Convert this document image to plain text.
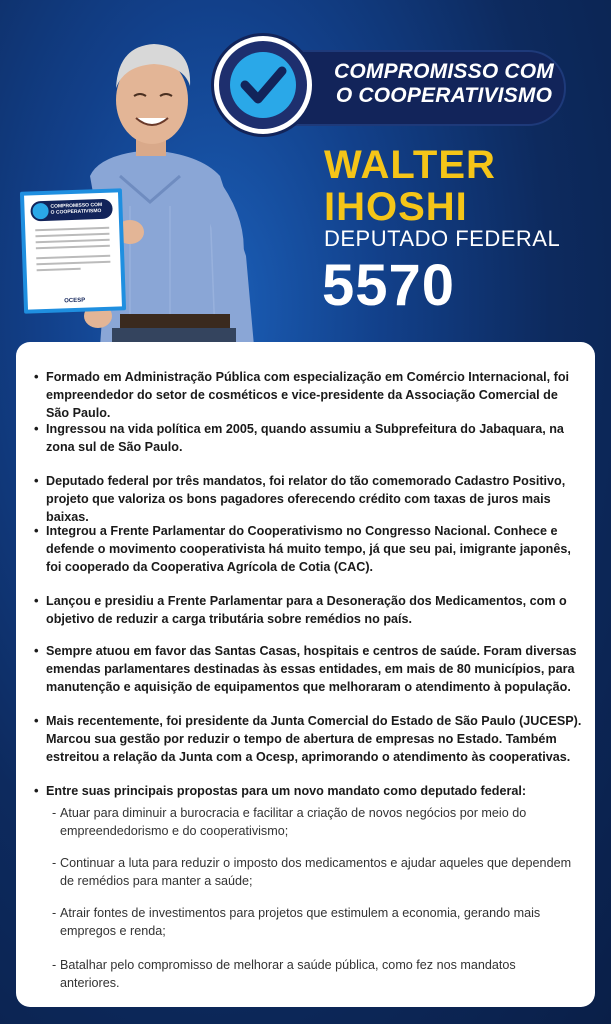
COMPROMISSO COM
O COOPERATIVISMO
OCESP
COMPROMISSO COM
O COOPERATIVISMO
WALTER
IHOSHI
DEPUTADO FEDERAL
5570
• Formado em Administração Pública com especialização em Comércio Internacional, foi empreendedor do setor de cosméticos e vice-presidente da Associação Comercial de São Paulo.
• Ingressou na vida política em 2005, quando assumiu a Subprefeitura do Jabaquara, na zona sul de São Paulo.
• Deputado federal por três mandatos, foi relator do tão comemorado Cadastro Positivo, projeto que valoriza os bons pagadores oferecendo crédito com taxas de juros mais baixas.
• Integrou a Frente Parlamentar do Cooperativismo no Congresso Nacional. Conhece e defende o movimento cooperativista há muito tempo, já que seu pai, imigrante japonês, foi cooperado da Cooperativa Agrícola de Cotia (CAC).
• Lançou e presidiu a Frente Parlamentar para a Desoneração dos Medicamentos, com o objetivo de reduzir a carga tributária sobre remédios no país.
• Sempre atuou em favor das Santas Casas, hospitais e centros de saúde. Foram diversas emendas parlamentares destinadas às essas entidades, em mais de 80 municípios, para manutenção e aquisição de equipamentos que melhoraram o atendimento à população.
• Mais recentemente, foi presidente da Junta Comercial do Estado de São Paulo (JUCESP). Marcou sua gestão por reduzir o tempo de abertura de empresas no Estado. Também estreitou a relação da Junta com a Ocesp, aprimorando o atendimento às cooperativas.
• Entre suas principais propostas para um novo mandato como deputado federal:
- Atuar para diminuir a burocracia e facilitar a criação de novos negócios por meio do empreendedorismo e do cooperativismo;
- Continuar a luta para reduzir o imposto dos medicamentos e ajudar aqueles que dependem de remédios para manter a saúde;
- Atrair fontes de investimentos para projetos que estimulem a economia, gerando mais empregos e renda;
- Batalhar pelo compromisso de melhorar a saúde pública, como fez nos mandatos anteriores.
